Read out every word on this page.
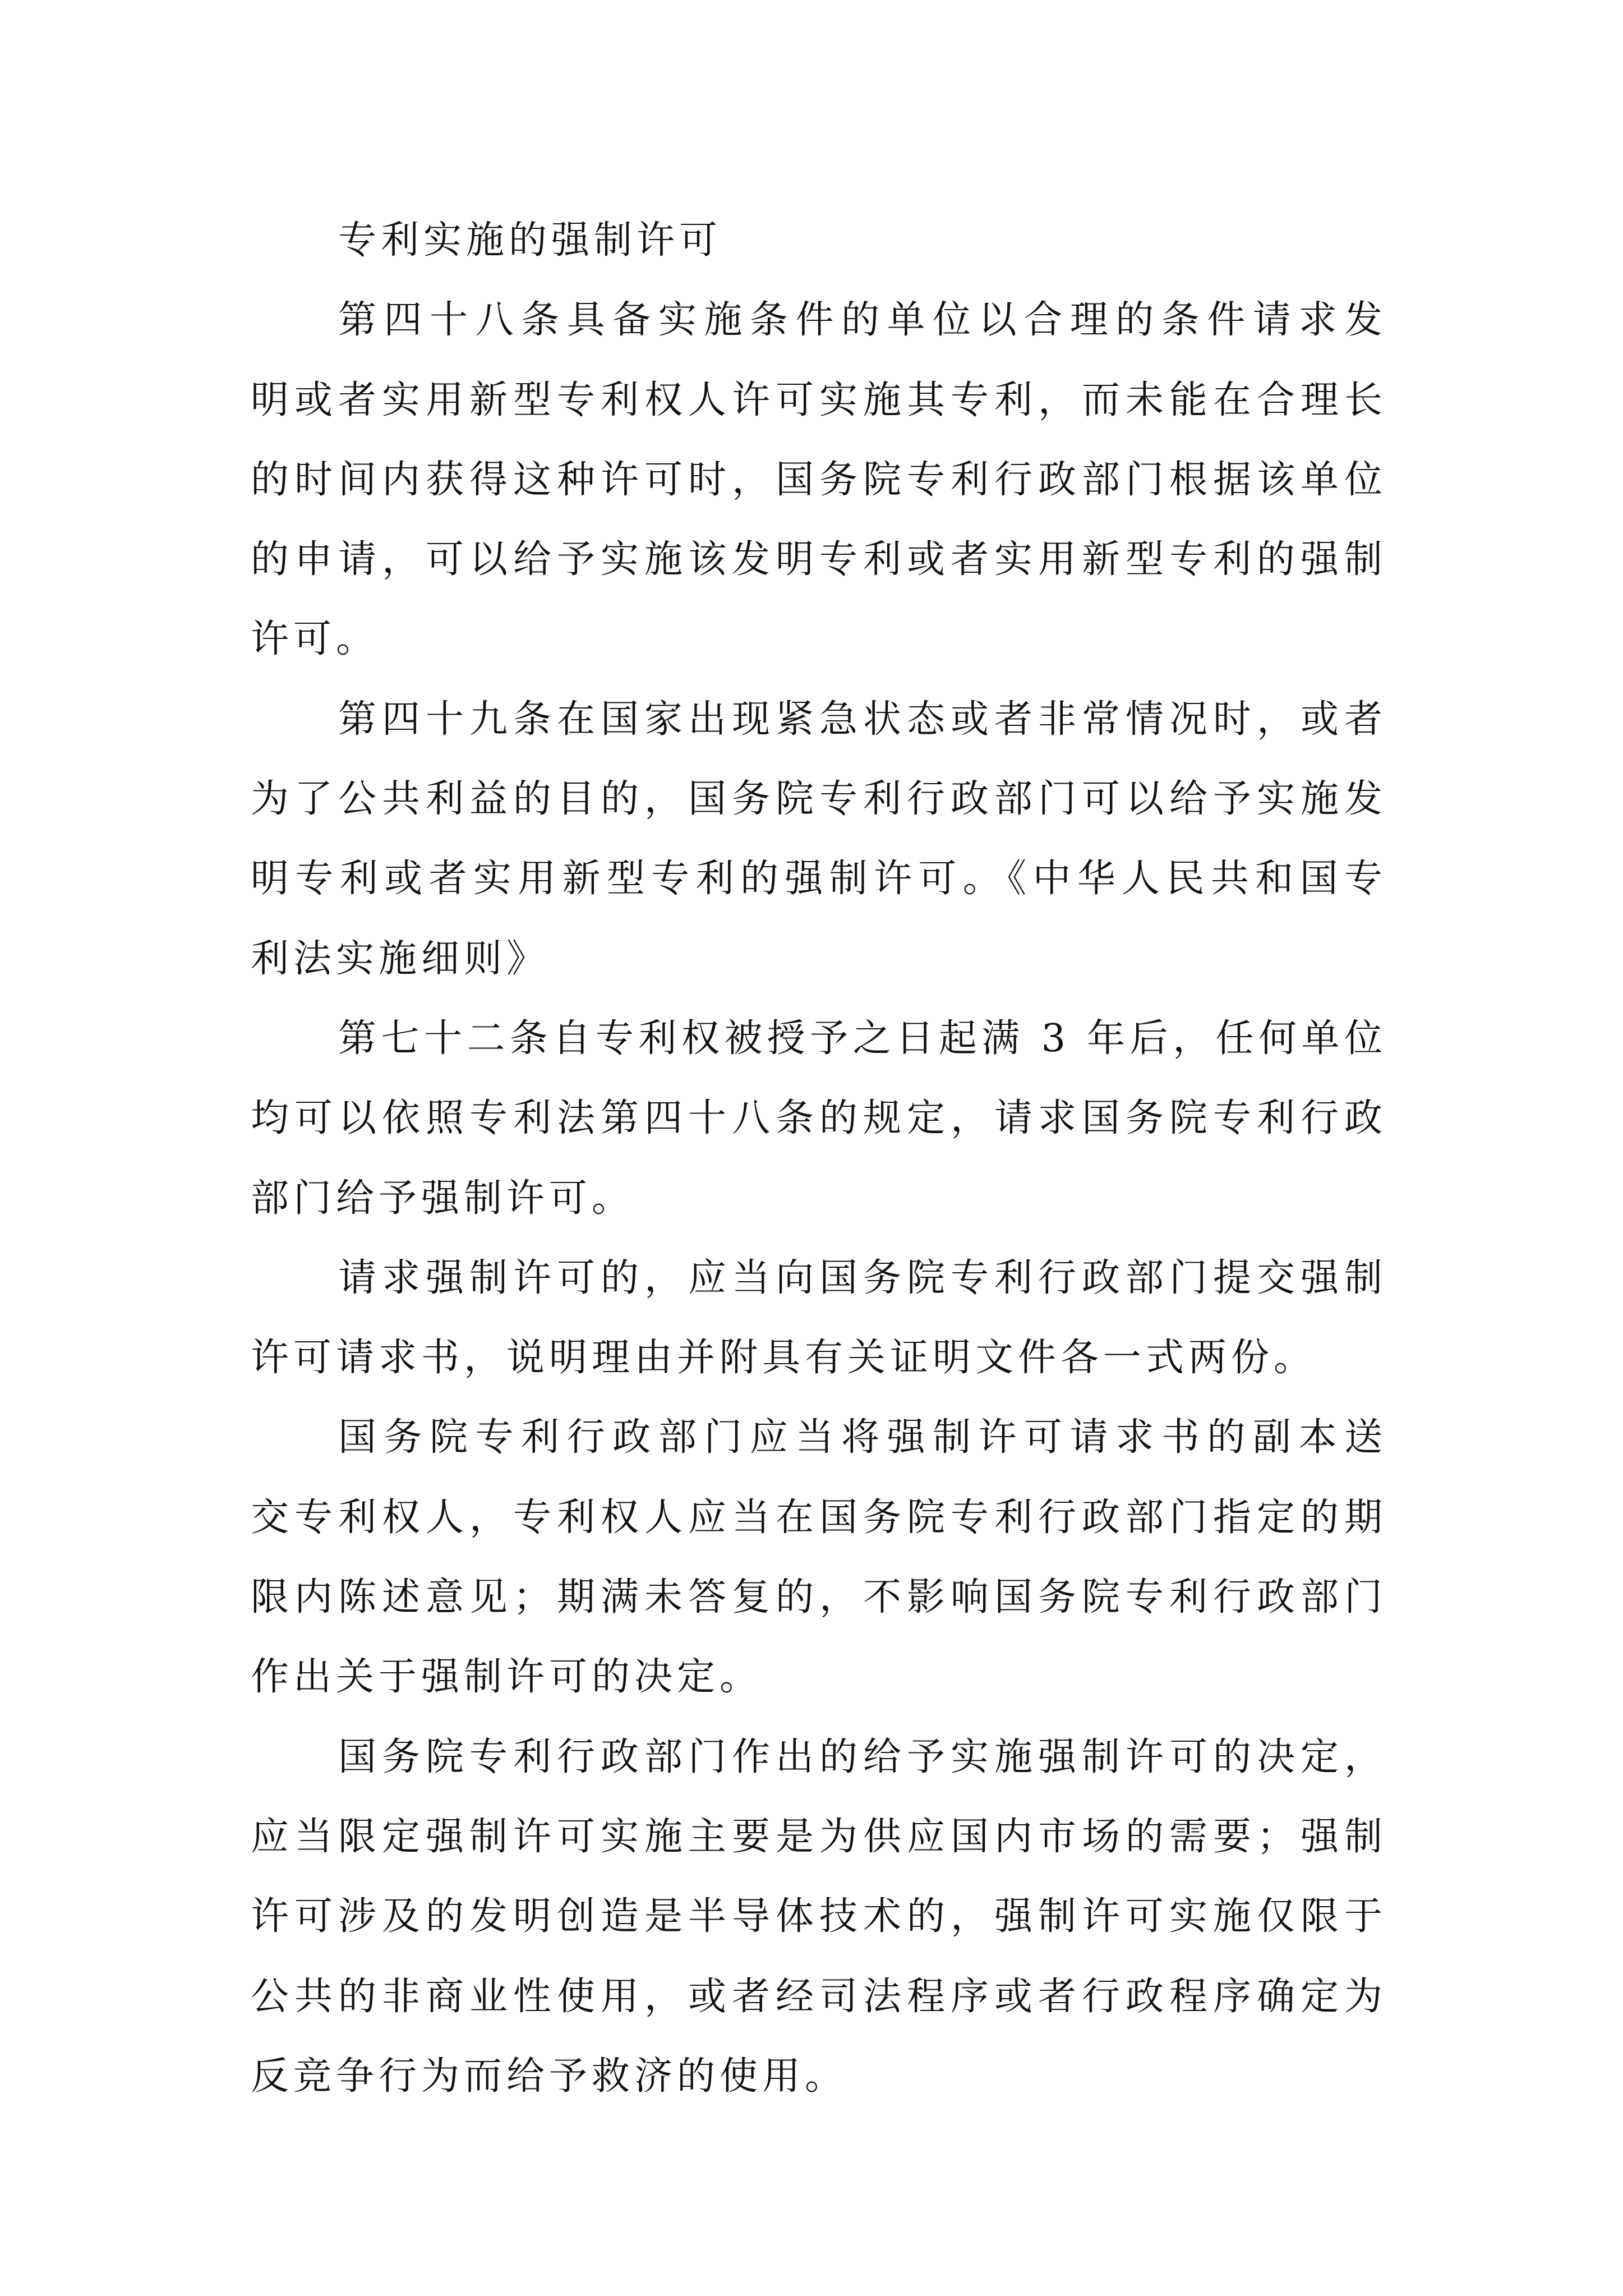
专利实施的强制许可
第四十八条具备实施条件的单位以合理的条件请求发
明或者实用新型专利权人许可实施其专利，而未能在合理长
的时间内获得这种许可时，国务院专利行政部门根据该单位
的申请，可以给予实施该发明专利或者实用新型专利的强制
许可。
第四十九条在国家出现紧急状态或者非常情况时，或者
为了公共利益的目的，国务院专利行政部门可以给予实施发
明专利或者实用新型专利的强制许可。《中华人民共和国专
利法实施细则》
第七十二条自专利权被授予之日起满 3 年后，任何单位
均可以依照专利法第四十八条的规定，请求国务院专利行政
部门给予强制许可。
请求强制许可的，应当向国务院专利行政部门提交强制
许可请求书，说明理由并附具有关证明文件各一式两份。
国务院专利行政部门应当将强制许可请求书的副本送
交专利权人，专利权人应当在国务院专利行政部门指定的期
限内陈述意见；期满未答复的，不影响国务院专利行政部门
作出关于强制许可的决定。
国务院专利行政部门作出的给予实施强制许可的决定，
应当限定强制许可实施主要是为供应国内市场的需要；强制
许可涉及的发明创造是半导体技术的，强制许可实施仅限于
公共的非商业性使用，或者经司法程序或者行政程序确定为
反竞争行为而给予救济的使用。
